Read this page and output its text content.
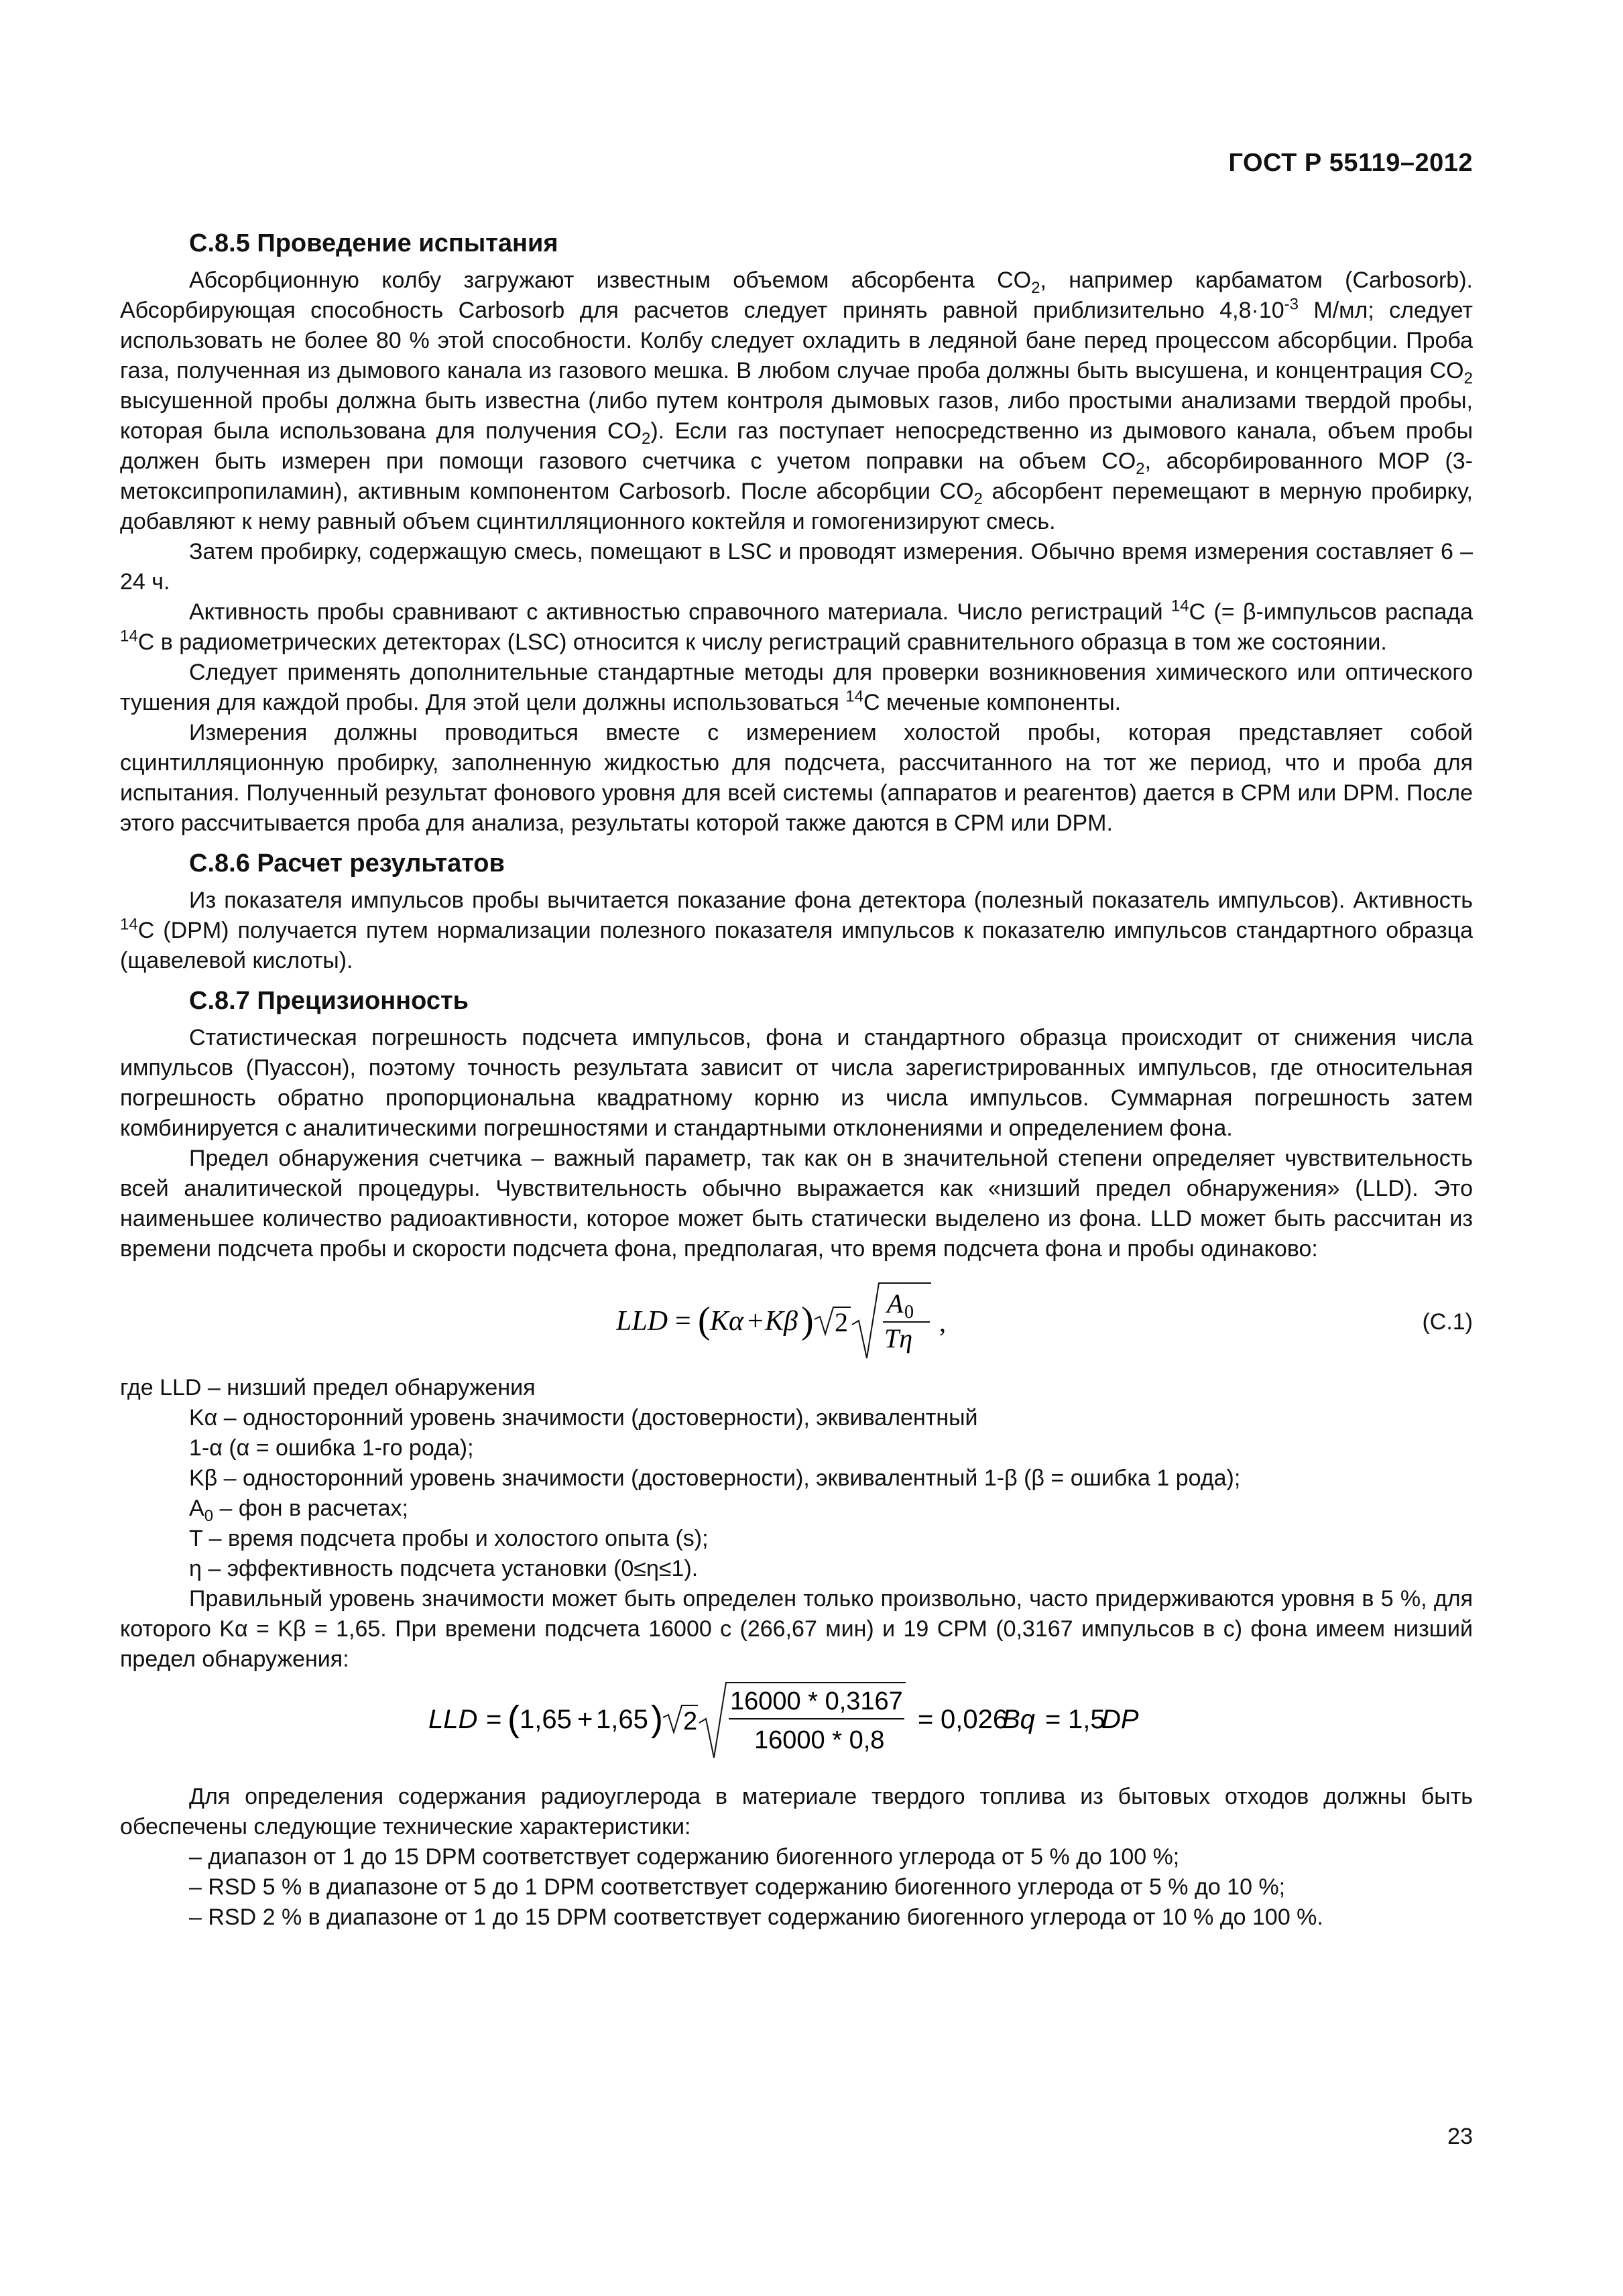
ГОСТ Р 55119–2012
С.8.5 Проведение испытания

Абсорбционную колбу загружают известным объемом абсорбента $CO_2$, например карбаматом (Carbosorb). Абсорбирующая способность Carbosorb для расчетов следует принять равной приблизительно $4,8\cdot 10^{-3}$ М/мл; следует использовать не более 80 % этой способности. Колбу следует охладить в ледяной бане перед процессом абсорбции. Проба газа, полученная из дымового канала из газового мешка. В любом случае проба должны быть высушена, и концентрация $CO_2$ высушенной пробы должна быть известна (либо путем контроля дымовых газов, либо простыми анализами твердой пробы, которая была использована для получения $CO_2$). Если газ поступает непосредственно из дымового канала, объем пробы должен быть измерен при помощи газового счетчика с учетом поправки на объем $CO_2$, абсорбированного МОР (3-метоксипропиламин), активным компонентом Carbosorb. После абсорбции $CO_2$ абсорбент перемещают в мерную пробирку, добавляют к нему равный объем сцинтилляционного коктейля и гомогенизируют смесь.

Затем пробирку, содержащую смесь, помещают в LSC и проводят измерения. Обычно время измерения составляет 6 – 24 ч.

Активность пробы сравнивают с активностью справочного материала. Число регистраций $^{14}$С (= β-импульсов распада $^{14}$С в радиометрических детекторах (LSC) относится к числу регистраций сравнительного образца в том же состоянии.

Следует применять дополнительные стандартные методы для проверки возникновения химического или оптического тушения для каждой пробы. Для этой цели должны использоваться $^{14}$С меченые компоненты.

Измерения должны проводиться вместе с измерением холостой пробы, которая представляет собой сцинтилляционную пробирку, заполненную жидкостью для подсчета, рассчитанного на тот же период, что и проба для испытания. Полученный результат фонового уровня для всей системы (аппаратов и реагентов) дается в СРМ или DPM. После этого рассчитывается проба для анализа, результаты которой также даются в СРМ или DPM.

С.8.6 Расчет результатов

Из показателя импульсов пробы вычитается показание фона детектора (полезный показатель импульсов). Активность $^{14}$С (DPM) получается путем нормализации полезного показателя импульсов к показателю импульсов стандартного образца (щавелевой кислоты).

С.8.7 Прецизионность

Статистическая погрешность подсчета импульсов, фона и стандартного образца происходит от снижения числа импульсов (Пуассон), поэтому точность результата зависит от числа зарегистрированных импульсов, где относительная погрешность обратно пропорциональна квадратному корню из числа импульсов. Суммарная погрешность затем комбинируется с аналитическими погрешностями и стандартными отклонениями и определением фона.

Предел обнаружения счетчика – важный параметр, так как он в значительной степени определяет чувствительность всей аналитической процедуры. Чувствительность обычно выражается как «низший предел обнаружения» (LLD). Это наименьшее количество радиоактивности, которое может быть статически выделено из фона. LLD может быть рассчитан из времени подсчета пробы и скорости подсчета фона, предполагая, что время подсчета фона и пробы одинаково:

LLD = ( Kα + Kβ ) 2
A 0
Tη
,	(С.1)

где LLD – низший предел обнаружения

Kα – односторонний уровень значимости (достоверности), эквивалентный

1-α (α = ошибка 1-го рода);

Kβ – односторонний уровень значимости (достоверности), эквивалентный 1-β (β = ошибка 1 рода);

$A_0$ – фон в расчетах;

T – время подсчета пробы и холостого опыта (s);

η – эффективность подсчета установки (0≤η≤1).

Правильный уровень значимости может быть определен только произвольно, часто придерживаются уровня в 5 %, для которого Kα = Kβ = 1,65. При времени подсчета 16000 с (266,67 мин) и 19 СРМ (0,3167 импульсов в с) фона имеем низший предел обнаружения:

LLD = ( 1,65 + 1,65 ) 2
16000 * 0,3167
16000 * 0,8
= 0,026
Bq = 1,5
DP

Для определения содержания радиоуглерода в материале твердого топлива из бытовых отходов должны быть обеспечены следующие технические характеристики:

– диапазон от 1 до 15 DPM соответствует содержанию биогенного углерода от 5 % до 100 %;

– RSD 5 % в диапазоне от 5 до 1 DPM соответствует содержанию биогенного углерода от 5 % до 10 %;

– RSD 2 % в диапазоне от 1 до 15 DPM соответствует содержанию биогенного углерода от 10 % до 100 %.

23
